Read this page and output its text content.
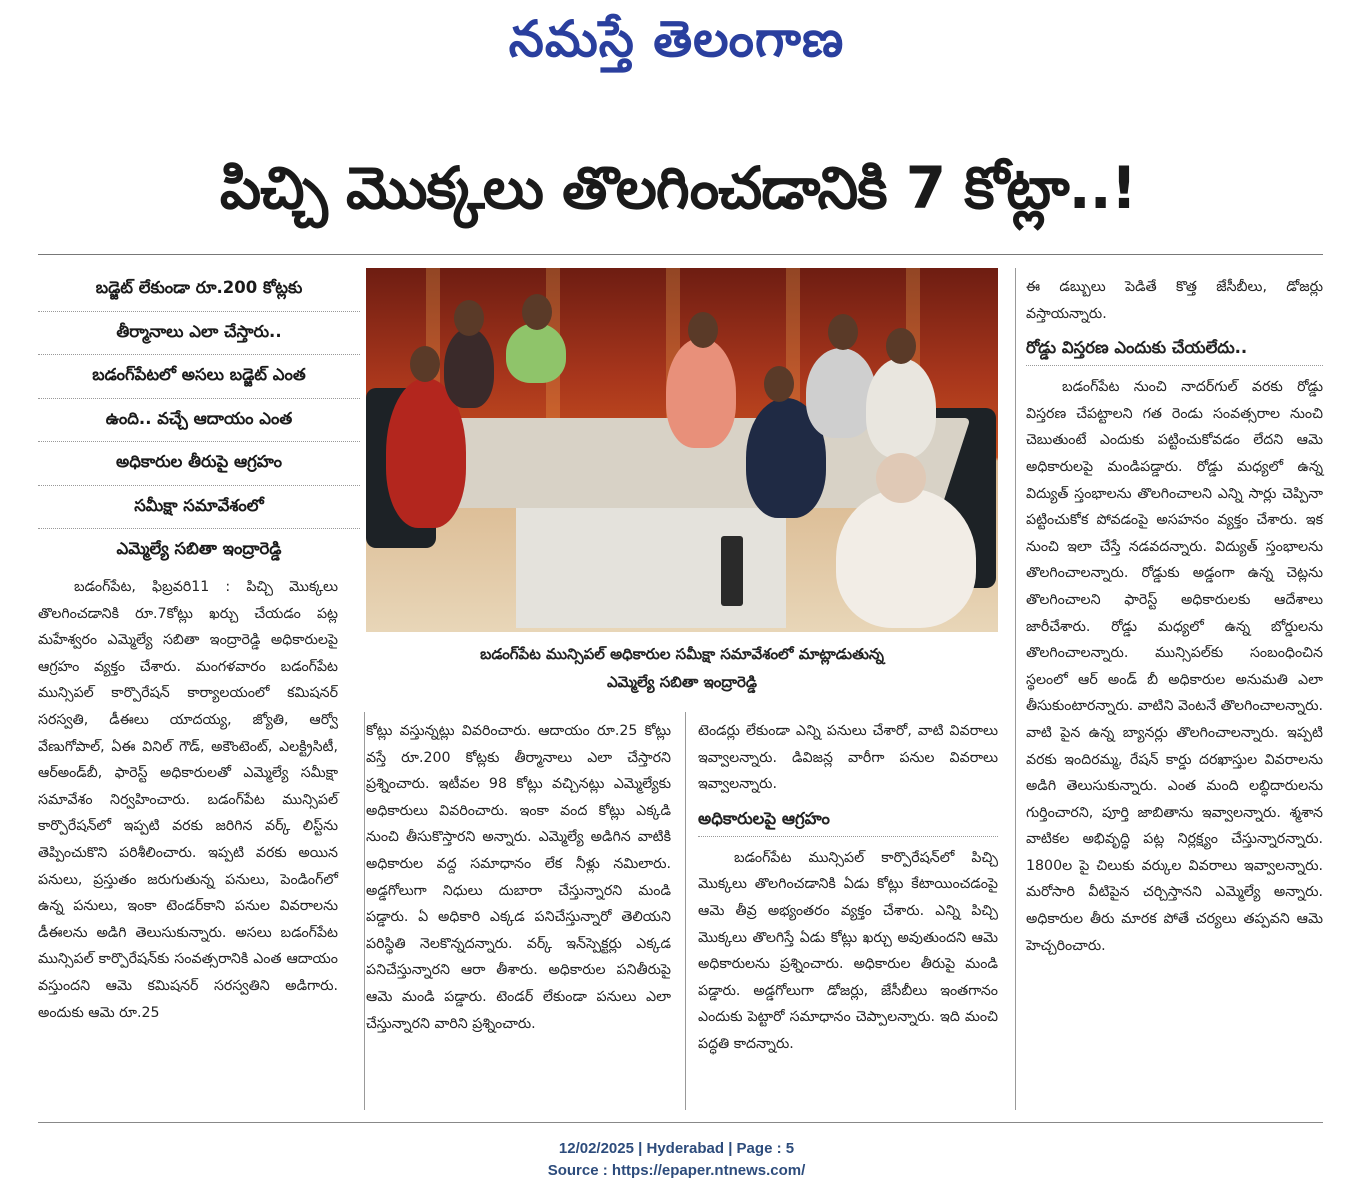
నమస్తే తెలంగాణ
పిచ్చి మొక్కలు తొలగించడానికి 7 కోట్లా..!
బడ్జెట్ లేకుండా రూ.200 కోట్లకు
తీర్మానాలు ఎలా చేస్తారు..
బడంగ్‌పేటలో అసలు బడ్జెట్ ఎంత
ఉంది.. వచ్చే ఆదాయం ఎంత
అధికారుల తీరుపై ఆగ్రహం
సమీక్షా సమావేశంలో
ఎమ్మెల్యే సబితా ఇంద్రారెడ్డి
బడంగ్‌పేట మున్సిపల్ అధికారుల సమీక్షా సమావేశంలో మాట్లాడుతున్న
ఎమ్మెల్యే సబితా ఇంద్రారెడ్డి

బడంగ్‌పేట, ఫిబ్రవరి11 : పిచ్చి మొక్కలు తొలగించడానికి రూ.7కోట్లు ఖర్చు చేయడం పట్ల మహేశ్వరం ఎమ్మెల్యే సబితా ఇంద్రారెడ్డి అధికారులపై ఆగ్రహం వ్యక్తం చేశారు. మంగళవారం బడంగ్‌పేట మున్సిపల్ కార్పొరేషన్ కార్యాలయంలో కమిషనర్ సరస్వతి, డీఈలు యాదయ్య, జ్యోతి, ఆర్వో వేణుగోపాల్, ఏఈ వినిల్ గౌడ్, అకౌంటెంట్, ఎలక్ట్రిసిటీ, ఆర్అండ్‌బీ, ఫారెస్ట్ అధికారులతో ఎమ్మెల్యే సమీక్షా సమావేశం నిర్వహించారు. బడంగ్‌పేట మున్సిపల్ కార్పొరేషన్‌లో ఇప్పటి వరకు జరిగిన వర్క్ లిస్ట్‌ను తెప్పించుకొని పరిశీలించారు. ఇప్పటి వరకు అయిన పనులు, ప్రస్తుతం జరుగుతున్న పనులు, పెండింగ్‌లో ఉన్న పనులు, ఇంకా టెండర్‌కాని పనుల వివరాలను డీఈలను అడిగి తెలుసుకున్నారు. అసలు బడంగ్‌పేట మున్సిపల్ కార్పొరేషన్‌కు సంవత్సరానికి ఎంత ఆదాయం వస్తుందని ఆమె కమిషనర్ సరస్వతిని అడిగారు. అందుకు ఆమె రూ.25

కోట్లు వస్తున్నట్లు వివరించారు. ఆదాయం రూ.25 కోట్లు వస్తే రూ.200 కోట్లకు తీర్మానాలు ఎలా చేస్తారని ప్రశ్నించారు. ఇటీవల 98 కోట్లు వచ్చినట్లు ఎమ్మెల్యేకు అధికారులు వివరించారు. ఇంకా వంద కోట్లు ఎక్కడి నుంచి తీసుకొస్తారని అన్నారు. ఎమ్మెల్యే అడిగిన వాటికి అధికారుల వద్ద సమాధానం లేక నీళ్లు నమిలారు. అడ్డగోలుగా నిధులు దుబారా చేస్తున్నారని మండి పడ్డారు. ఏ అధికారి ఎక్కడ పనిచేస్తున్నారో తెలియని పరిస్థితి నెలకొన్నదన్నారు. వర్క్ ఇన్‌స్పెక్టర్లు ఎక్కడ పనిచేస్తున్నారని ఆరా తీశారు. అధికారుల పనితీరుపై ఆమె మండి పడ్డారు. టెండర్ లేకుండా పనులు ఎలా చేస్తున్నారని వారిని ప్రశ్నించారు.

టెండర్లు లేకుండా ఎన్ని పనులు చేశారో, వాటి వివరాలు ఇవ్వాలన్నారు. డివిజన్ల వారీగా పనుల వివరాలు ఇవ్వాలన్నారు.

అధికారులపై ఆగ్రహం

బడంగ్‌పేట మున్సిపల్ కార్పొరేషన్‌లో పిచ్చి మొక్కలు తొలగించడానికి ఏడు కోట్లు కేటాయించడంపై ఆమె తీవ్ర అభ్యంతరం వ్యక్తం చేశారు. ఎన్ని పిచ్చి మొక్కలు తొలగిస్తే ఏడు కోట్లు ఖర్చు అవుతుందని ఆమె అధికారులను ప్రశ్నించారు. అధికారుల తీరుపై మండి పడ్డారు. అడ్డగోలుగా డోజర్లు, జేసీబీలు ఇంతగానం ఎందుకు పెట్టారో సమాధానం చెప్పాలన్నారు. ఇది మంచి పద్ధతి కాదన్నారు.

ఈ డబ్బులు పెడితే కొత్త జేసీబీలు, డోజర్లు వస్తాయన్నారు.

రోడ్డు విస్తరణ ఎందుకు చేయలేదు..

బడంగ్‌పేట నుంచి నాదర్‌గుల్ వరకు రోడ్డు విస్తరణ చేపట్టాలని గత రెండు సంవత్సరాల నుంచి చెబుతుంటే ఎందుకు పట్టించుకోవడం లేదని ఆమె అధికారులపై మండిపడ్డారు. రోడ్డు మధ్యలో ఉన్న విద్యుత్ స్తంభాలను తొలగించాలని ఎన్ని సార్లు చెప్పినా పట్టించుకోక పోవడంపై అసహనం వ్యక్తం చేశారు. ఇక నుంచి ఇలా చేస్తే నడవదన్నారు. విద్యుత్ స్తంభాలను తొలగించాలన్నారు. రోడ్డుకు అడ్డంగా ఉన్న చెట్లను తొలగించాలని ఫారెస్ట్ అధికారులకు ఆదేశాలు జారీచేశారు. రోడ్డు మధ్యలో ఉన్న బోర్డులను తొలగించాలన్నారు. మున్సిపల్‌కు సంబంధించిన స్థలంలో ఆర్ అండ్ బీ అధికారుల అనుమతి ఎలా తీసుకుంటారన్నారు. వాటిని వెంటనే తొలగించాలన్నారు. వాటి పైన ఉన్న బ్యానర్లు తొలగించాలన్నారు. ఇప్పటి వరకు ఇందిరమ్మ, రేషన్ కార్డు దరఖాస్తుల వివరాలను అడిగి తెలుసుకున్నారు. ఎంత మంది లబ్ధిదారులను గుర్తించారని, పూర్తి జాబితాను ఇవ్వాలన్నారు. శ్మశాన వాటికల అభివృద్ధి పట్ల నిర్లక్ష్యం చేస్తున్నారన్నారు. 1800ల పై చిలుకు వర్కుల వివరాలు ఇవ్వాలన్నారు. మరోసారి వీటిపైన చర్చిస్తానని ఎమ్మెల్యే అన్నారు. అధికారుల తీరు మారక పోతే చర్యలు తప్పవని ఆమె హెచ్చరించారు.

12/02/2025 | Hyderabad | Page : 5
Source : https://epaper.ntnews.com/
